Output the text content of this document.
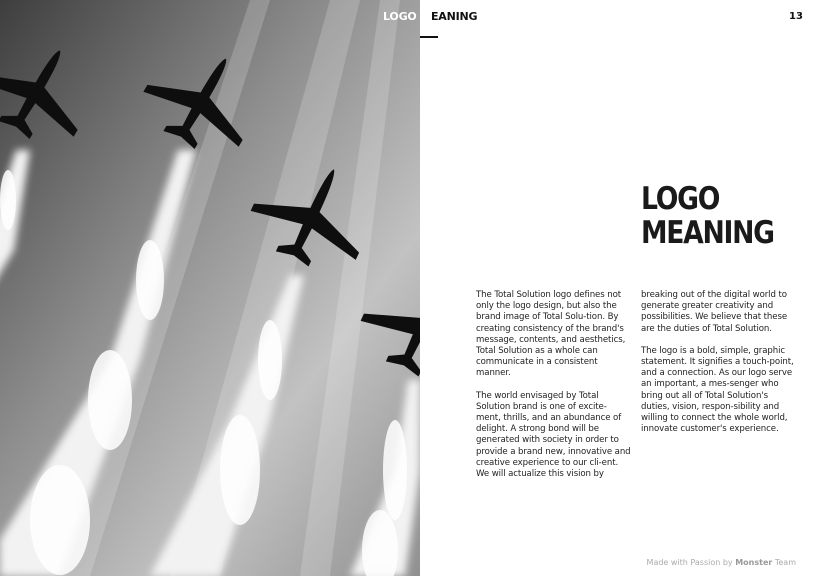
LOGO MEANING	13
LOGO
MEANING

The Total Solution logo defines not only the logo design, but also the brand image of Total Solu-tion. By creating consistency of the brand's message, contents, and aesthetics, Total Solution as a whole can communicate in a consistent manner.

The world envisaged by Total Solution brand is one of excite-ment, thrills, and an abundance of delight. A strong bond will be generated with society in order to provide a brand new, innovative and creative experience to our cli-ent. We will actualize this vision by

breaking out of the digital world to generate greater creativity and possibilities. We believe that these are the duties of Total Solution.

The logo is a bold, simple, graphic statement. It signifies a touch-point, and a connection. As our logo serve an important, a mes-senger who bring out all of Total Solution's duties, vision, respon-sibility and willing to connect the whole world, innovate customer's experience.

Made with Passion by Monster Team
